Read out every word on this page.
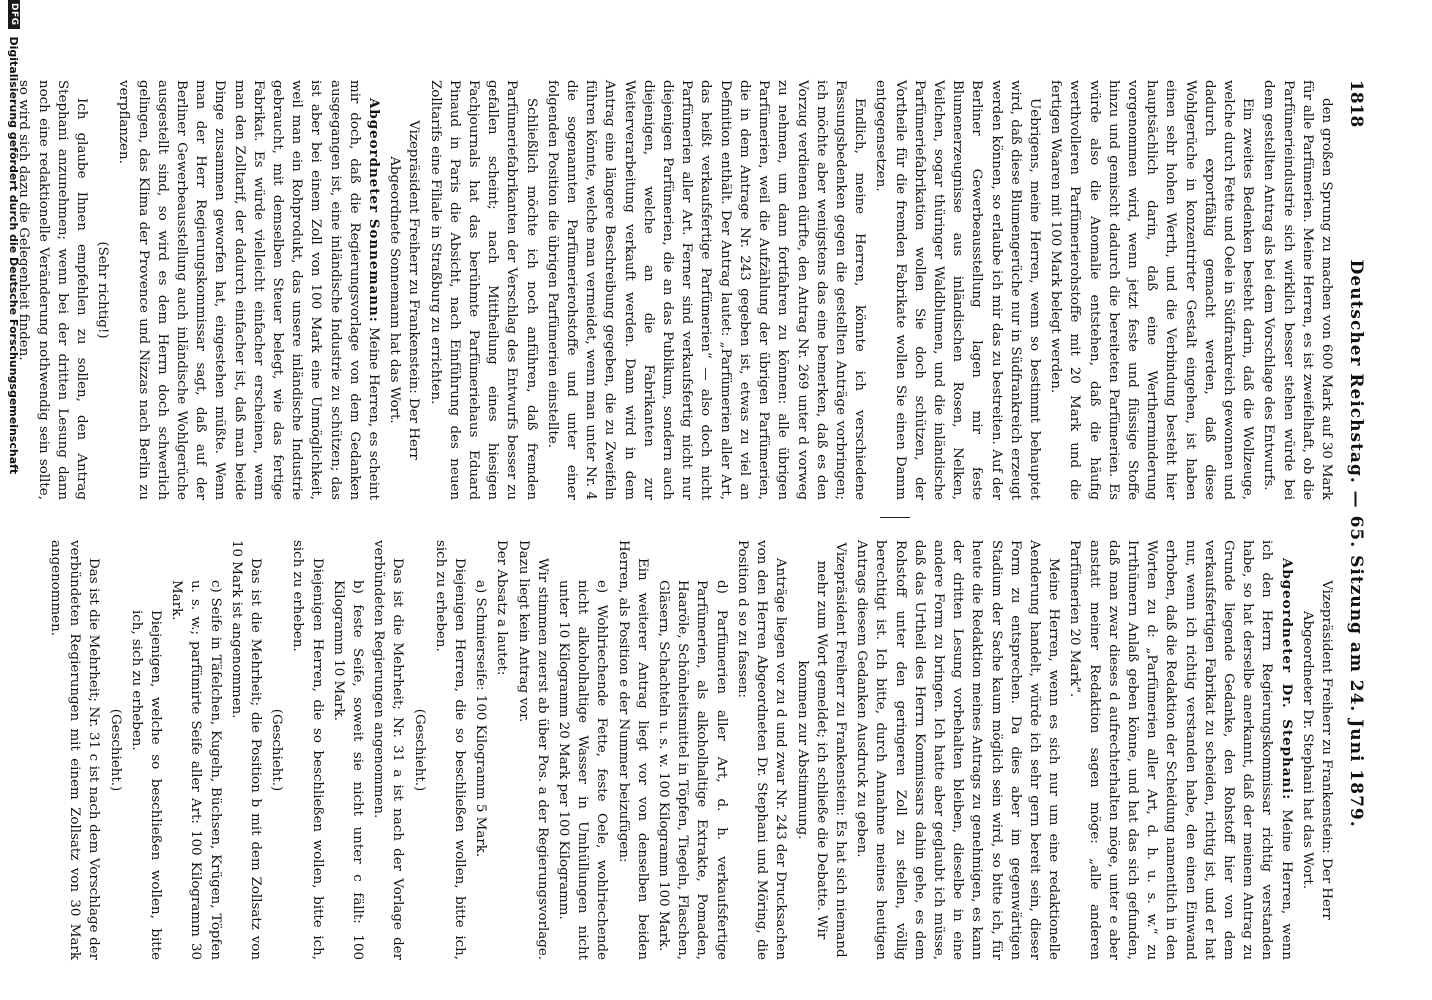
1818
Deutscher Reichstag. — 65. Sitzung am 24. Juni 1879.

den großen Sprung zu machen von 600 Mark auf 30 Mark für alle Parfümerien. Meine Herren, es ist zweifelhaft, ob die Parfümerieindustrie sich wirklich besser stehen würde bei dem gestellten Antrag als bei dem Vorschlage des Entwurfs.

Ein zweites Bedenken besteht darin, daß die Wollzeuge, welche durch Fette und Oele in Südfrankreich gewonnen und dadurch exportfähig gemacht werden, daß diese Wohlgerüche in konzentrirter Gestalt eingehen, ist haben einen sehr hohen Werth, und die Verbindung besteht hier hauptsächlich darin, daß eine Wertherminderung vorgenommen wird, wenn jetzt feste und flüssige Stoffe hinzu und gemischt dadurch die bereiteten Parfümerien. Es würde also die Anomalie entstehen, daß die häufig werthvolleren Parfümerierohstoffe mit 20 Mark und die fertigen Waaren mit 100 Mark belegt werden.

Uebrigens, meine Herren, wenn so bestimmt behauptet wird, daß diese Blumengerüche nur in Südfrankreich erzeugt werden können, so erlaube ich mir das zu bestreiten. Auf der Berliner Gewerbeausstellung lagen mir feste Blumenerzeugnisse aus inländischen Rosen, Nelken, Veilchen, sogar thüringer Waldblumen, und die inländische Parfümeriefabrikation wollen Sie doch schützen, der Vortheile für die fremden Fabrikate wollen Sie einen Damm entgegensetzen.

Endlich, meine Herren, könnte ich verschiedene Fassungsbedenken gegen die gestellten Anträge vorbringen; ich möchte aber wenigstens das eine bemerken, daß es den Vorzug verdienen dürfte, den Antrag Nr. 269 unter d vorweg zu nehmen, um dann fortfahren zu können: alle übrigen Parfümerien, weil die Aufzählung der übrigen Parfümerien, die in dem Antrage Nr. 243 gegeben ist, etwas zu viel an Definition enthält. Der Antrag lautet: „Parfümerien aller Art, das heißt verkaufsfertige Parfümerien“ — also doch nicht Parfümerien aller Art. Ferner sind verkaufsfertig nicht nur diejenigen Parfümerien, die an das Publikum, sondern auch diejenigen, welche an die Fabrikanten zur Weiterverarbeitung verkauft werden. Dann wird in dem Antrag eine längere Beschreibung gegeben, die zu Zweifeln führen könnte, welche man vermeidet, wenn man unter Nr. 4 die sogenannten Parfümerierohstoffe und unter einer folgenden Position die übrigen Parfümerien einstellte.

Schließlich möchte ich noch anführen, daß fremden Parfümeriefabrikanten der Verschlag des Entwurfs besser zu gefallen scheint; nach Mittheilung eines hiesigen Fachjournals hat das berühmte Parfümeriehaus Eduard Pinaud in Paris die Absicht, nach Einführung des neuen Zolltarifs eine Filiale in Straßburg zu errichten.

Vizepräsident Freiherr zu Frankenstein: Der Herr Abgeordnete Sonnemann hat das Wort.

Abgeordneter Sonnemann: Meine Herren, es scheint mir doch, daß die Regierungsvorlage von dem Gedanken ausgegangen ist, eine inländische Industrie zu schützen; das ist aber bei einem Zoll von 100 Mark eine Unmöglichkeit, weil man ein Rohprodukt, das unsere inländische Industrie gebraucht, mit demselben Steuer belegt, wie das fertige Fabrikat. Es würde vielleicht einfacher erscheinen, wenn man den Zolltarif, der dadurch einfacher ist, daß man beide Dinge zusammen geworfen hat, eingestehen müßte. Wenn man der Herr Regierungskommissar sagt, daß auf der Berliner Gewerbeausstellung auch inländische Wohlgerüche ausgestellt sind, so wird es dem Herrn doch schwerlich gelingen, das Klima der Provence und Nizzas nach Berlin zu verpflanzen.

(Sehr richtig!)

Ich glaube Ihnen empfehlen zu sollen, den Antrag Stephani anzunehmen; wenn bei der dritten Lesung dann noch eine redaktionelle Veränderung nothwendig sein sollte, so wird sich dazu die Gelegenheit finden.

Vizepräsident Freiherr zu Frankenstein: Der Herr Abgeordneter Dr. Stephani hat das Wort.

Abgeordneter Dr. Stephani: Meine Herren, wenn ich den Herrn Regierungskommissar richtig verstanden habe, so hat derselbe anerkannt, daß der meinem Antrag zu Grunde liegende Gedanke, den Rohstoff hier von dem verkaufsfertigen Fabrikat zu scheiden, richtig ist, und er hat nur, wenn ich richtig verstanden habe, den einen Einwand erhoben, daß die Redaktion der Scheidung namentlich in den Worten zu d: „Parfümerien aller Art, d. h. u. s. w.“ zu Irrthümern Anlaß geben könne, und hat das sich gefunden, daß man zwar dieses d aufrechterhalten möge, unter e aber anstatt meiner Redaktion sagen möge: „alle anderen Parfümerien 20 Mark“.

Meine Herren, wenn es sich nur um eine redaktionelle Aenderung handelt, würde ich sehr gern bereit sein, dieser Form zu entsprechen. Da dies aber im gegenwärtigen Stadium der Sache kaum möglich sein wird, so bitte ich, für heute die Redaktion meines Antrags zu genehmigen, es kann der dritten Lesung vorbehalten bleiben, dieselbe in eine andere Form zu bringen. Ich hatte aber geglaubt ich müsse, daß das Urtheil des Herrn Kommissars dahin gehe, es dem Rohstoff unter den geringeren Zoll zu stellen, völlig berechtigt ist. Ich bitte, durch Annahme meines heutigen Antrags diesem Gedanken Ausdruck zu geben.

Vizepräsident Freiherr zu Frankenstein: Es hat sich niemand mehr zum Wort gemeldet; ich schließe die Debatte. Wir kommen zur Abstimmung.

Anträge liegen vor zu d und zwar Nr. 243 der Drucksachen von den Herren Abgeordneten Dr. Stephani und Möring, die Position d so zu fassen:

d) Parfümerien aller Art, d. h. verkaufsfertige Parfümerien, als alkoholhaltige Extrakte, Pomaden, Haaröle, Schönheitsmittel in Töpfen, Tiegeln, Flaschen, Gläsern, Schachteln u. s. w. 100 Kilogramm 100 Mark.

Ein weiterer Antrag liegt vor von denselben beiden Herren, als Position e der Nummer beizufügen:

e) Wohlriechende Fette, feste Oele, wohlriechende nicht alkoholhaltige Wasser in Umhüllungen nicht unter 10 Kilogramm 20 Mark per 100 Kilogramm.

Wir stimmen zuerst ab über Pos. a der Regierungsvorlage. Dazu liegt kein Antrag vor.

Der Absatz a lautet:

a) Schmierseife: 100 Kilogramm 5 Mark.

Diejenigen Herren, die so beschließen wollen, bitte ich, sich zu erheben.

(Geschieht.)

Das ist die Mehrheit; Nr. 31 a ist nach der Vorlage der verbündeten Regierungen angenommen.

b) feste Seife, soweit sie nicht unter c fällt: 100 Kilogramm 10 Mark.

Diejenigen Herren, die so beschließen wollen, bitte ich, sich zu erheben.

(Geschieht.)

Das ist die Mehrheit; die Position b mit dem Zollsatz von 10 Mark ist angenommen.

c) Seife in Täfelchen, Kugeln, Büchsen, Krügen, Töpfen u. s. w.; parfümirte Seife aller Art: 100 Kilogramm 30 Mark.

Diejenigen, welche so beschließen wollen, bitte ich, sich zu erheben.

(Geschieht.)

Das ist die Mehrheit; Nr. 31 c ist nach dem Vorschlage der verbündeten Regierungen mit einem Zollsatz von 30 Mark angenommen.

DFG
Digitalisierung gefördert durch die Deutsche Forschungsgemeinschaft
